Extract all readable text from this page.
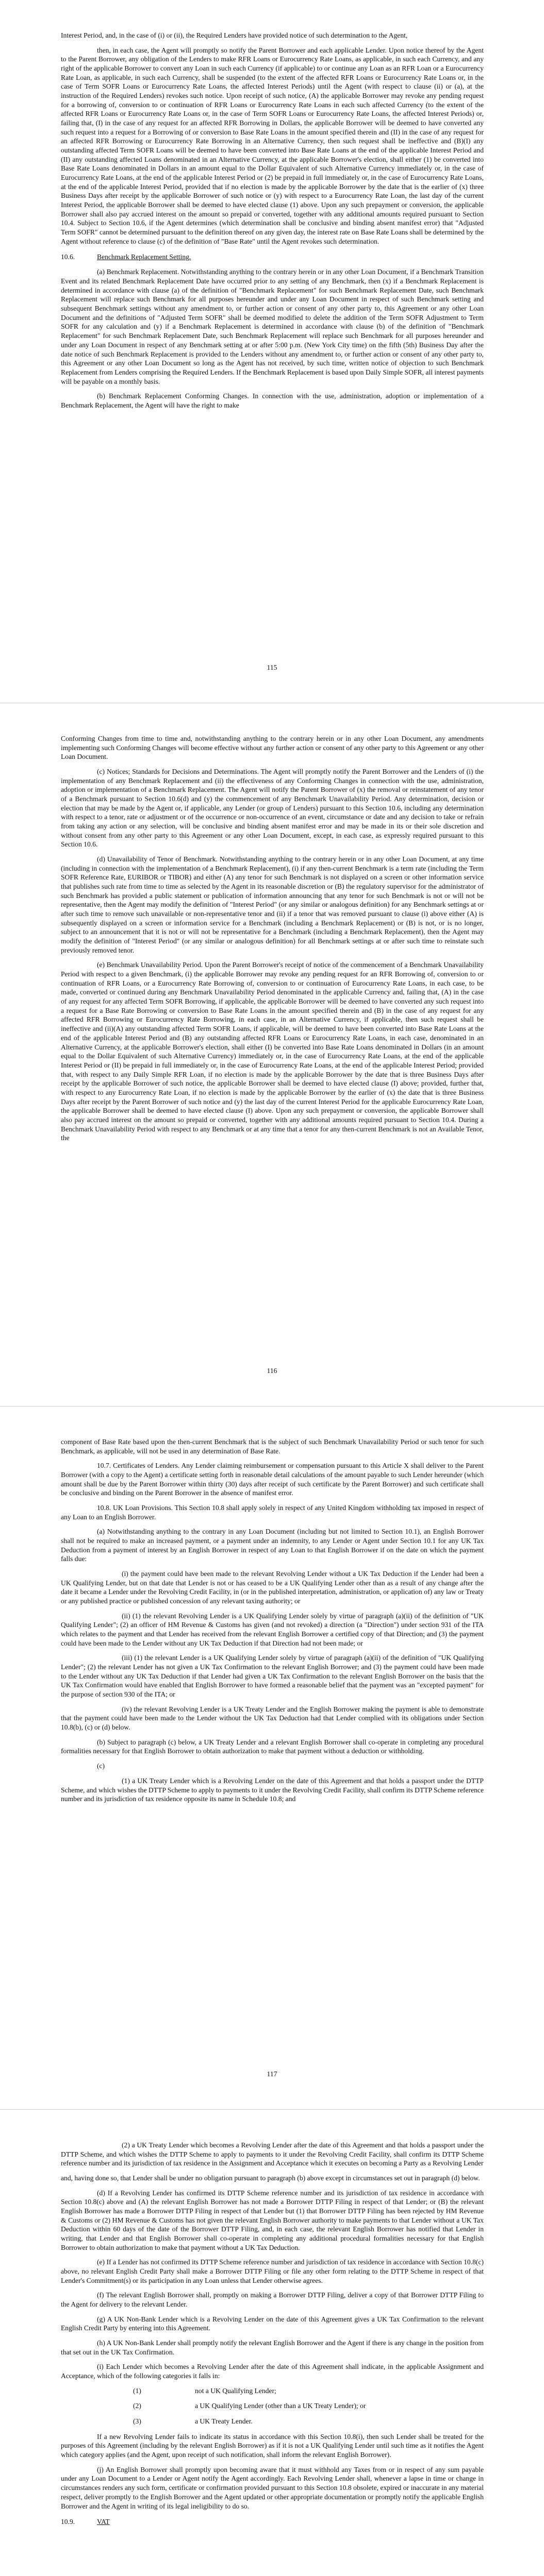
Interest Period, and, in the case of (i) or (ii), the Required Lenders have provided notice of such determination to the Agent,

then, in each case, the Agent will promptly so notify the Parent Borrower and each applicable Lender. Upon notice thereof by the Agent to the Parent Borrower, any obligation of the Lenders to make RFR Loans or Eurocurrency Rate Loans, as applicable, in such each Currency, and any right of the applicable Borrower to convert any Loan in such each Currency (if applicable) to or continue any Loan as an RFR Loan or a Eurocurrency Rate Loan, as applicable, in such each Currency, shall be suspended (to the extent of the affected RFR Loans or Eurocurrency Rate Loans or, in the case of Term SOFR Loans or Eurocurrency Rate Loans, the affected Interest Periods) until the Agent (with respect to clause (ii) or (a), at the instruction of the Required Lenders) revokes such notice. Upon receipt of such notice, (A) the applicable Borrower may revoke any pending request for a borrowing of, conversion to or continuation of RFR Loans or Eurocurrency Rate Loans in each such affected Currency (to the extent of the affected RFR Loans or Eurocurrency Rate Loans or, in the case of Term SOFR Loans or Eurocurrency Rate Loans, the affected Interest Periods) or, failing that, (I) in the case of any request for an affected RFR Borrowing in Dollars, the applicable Borrower will be deemed to have converted any such request into a request for a Borrowing of or conversion to Base Rate Loans in the amount specified therein and (II) in the case of any request for an affected RFR Borrowing or Eurocurrency Rate Borrowing in an Alternative Currency, then such request shall be ineffective and (B)(I) any outstanding affected Term SOFR Loans will be deemed to have been converted into Base Rate Loans at the end of the applicable Interest Period and (II) any outstanding affected Loans denominated in an Alternative Currency, at the applicable Borrower's election, shall either (1) be converted into Base Rate Loans denominated in Dollars in an amount equal to the Dollar Equivalent of such Alternative Currency immediately or, in the case of Eurocurrency Rate Loans, at the end of the applicable Interest Period or (2) be prepaid in full immediately or, in the case of Eurocurrency Rate Loans, at the end of the applicable Interest Period, provided that if no election is made by the applicable Borrower by the date that is the earlier of (x) three Business Days after receipt by the applicable Borrower of such notice or (y) with respect to a Eurocurrency Rate Loan, the last day of the current Interest Period, the applicable Borrower shall be deemed to have elected clause (1) above. Upon any such prepayment or conversion, the applicable Borrower shall also pay accrued interest on the amount so prepaid or converted, together with any additional amounts required pursuant to Section 10.4. Subject to Section 10.6, if the Agent determines (which determination shall be conclusive and binding absent manifest error) that "Adjusted Term SOFR" cannot be determined pursuant to the definition thereof on any given day, the interest rate on Base Rate Loans shall be determined by the Agent without reference to clause (c) of the definition of "Base Rate" until the Agent revokes such determination.

10.6.	Benchmark Replacement Setting.

(a) Benchmark Replacement. Notwithstanding anything to the contrary herein or in any other Loan Document, if a Benchmark Transition Event and its related Benchmark Replacement Date have occurred prior to any setting of any Benchmark, then (x) if a Benchmark Replacement is determined in accordance with clause (a) of the definition of "Benchmark Replacement" for such Benchmark Replacement Date, such Benchmark Replacement will replace such Benchmark for all purposes hereunder and under any Loan Document in respect of such Benchmark setting and subsequent Benchmark settings without any amendment to, or further action or consent of any other party to, this Agreement or any other Loan Document and the definitions of "Adjusted Term SOFR" shall be deemed modified to delete the addition of the Term SOFR Adjustment to Term SOFR for any calculation and (y) if a Benchmark Replacement is determined in accordance with clause (b) of the definition of "Benchmark Replacement" for such Benchmark Replacement Date, such Benchmark Replacement will replace such Benchmark for all purposes hereunder and under any Loan Document in respect of any Benchmark setting at or after 5:00 p.m. (New York City time) on the fifth (5th) Business Day after the date notice of such Benchmark Replacement is provided to the Lenders without any amendment to, or further action or consent of any other party to, this Agreement or any other Loan Document so long as the Agent has not received, by such time, written notice of objection to such Benchmark Replacement from Lenders comprising the Required Lenders. If the Benchmark Replacement is based upon Daily Simple SOFR, all interest payments will be payable on a monthly basis.

(b) Benchmark Replacement Conforming Changes. In connection with the use, administration, adoption or implementation of a Benchmark Replacement, the Agent will have the right to make

115

Conforming Changes from time to time and, notwithstanding anything to the contrary herein or in any other Loan Document, any amendments implementing such Conforming Changes will become effective without any further action or consent of any other party to this Agreement or any other Loan Document.

(c) Notices; Standards for Decisions and Determinations. The Agent will promptly notify the Parent Borrower and the Lenders of (i) the implementation of any Benchmark Replacement and (ii) the effectiveness of any Conforming Changes in connection with the use, administration, adoption or implementation of a Benchmark Replacement. The Agent will notify the Parent Borrower of (x) the removal or reinstatement of any tenor of a Benchmark pursuant to Section 10.6(d) and (y) the commencement of any Benchmark Unavailability Period. Any determination, decision or election that may be made by the Agent or, if applicable, any Lender (or group of Lenders) pursuant to this Section 10.6, including any determination with respect to a tenor, rate or adjustment or of the occurrence or non-occurrence of an event, circumstance or date and any decision to take or refrain from taking any action or any selection, will be conclusive and binding absent manifest error and may be made in its or their sole discretion and without consent from any other party to this Agreement or any other Loan Document, except, in each case, as expressly required pursuant to this Section 10.6.

(d) Unavailability of Tenor of Benchmark. Notwithstanding anything to the contrary herein or in any other Loan Document, at any time (including in connection with the implementation of a Benchmark Replacement), (i) if any then-current Benchmark is a term rate (including the Term SOFR Reference Rate, EURIBOR or TIBOR) and either (A) any tenor for such Benchmark is not displayed on a screen or other information service that publishes such rate from time to time as selected by the Agent in its reasonable discretion or (B) the regulatory supervisor for the administrator of such Benchmark has provided a public statement or publication of information announcing that any tenor for such Benchmark is not or will not be representative, then the Agent may modify the definition of "Interest Period" (or any similar or analogous definition) for any Benchmark settings at or after such time to remove such unavailable or non-representative tenor and (ii) if a tenor that was removed pursuant to clause (i) above either (A) is subsequently displayed on a screen or information service for a Benchmark (including a Benchmark Replacement) or (B) is not, or is no longer, subject to an announcement that it is not or will not be representative for a Benchmark (including a Benchmark Replacement), then the Agent may modify the definition of "Interest Period" (or any similar or analogous definition) for all Benchmark settings at or after such time to reinstate such previously removed tenor.

(e) Benchmark Unavailability Period. Upon the Parent Borrower's receipt of notice of the commencement of a Benchmark Unavailability Period with respect to a given Benchmark, (i) the applicable Borrower may revoke any pending request for an RFR Borrowing of, conversion to or continuation of RFR Loans, or a Eurocurrency Rate Borrowing of, conversion to or continuation of Eurocurrency Rate Loans, in each case, to be made, converted or continued during any Benchmark Unavailability Period denominated in the applicable Currency and, failing that, (A) in the case of any request for any affected Term SOFR Borrowing, if applicable, the applicable Borrower will be deemed to have converted any such request into a request for a Base Rate Borrowing or conversion to Base Rate Loans in the amount specified therein and (B) in the case of any request for any affected RFR Borrowing or Eurocurrency Rate Borrowing, in each case, in an Alternative Currency, if applicable, then such request shall be ineffective and (ii)(A) any outstanding affected Term SOFR Loans, if applicable, will be deemed to have been converted into Base Rate Loans at the end of the applicable Interest Period and (B) any outstanding affected RFR Loans or Eurocurrency Rate Loans, in each case, denominated in an Alternative Currency, at the applicable Borrower's election, shall either (I) be converted into Base Rate Loans denominated in Dollars (in an amount equal to the Dollar Equivalent of such Alternative Currency) immediately or, in the case of Eurocurrency Rate Loans, at the end of the applicable Interest Period or (II) be prepaid in full immediately or, in the case of Eurocurrency Rate Loans, at the end of the applicable Interest Period; provided that, with respect to any Daily Simple RFR Loan, if no election is made by the applicable Borrower by the date that is three Business Days after receipt by the applicable Borrower of such notice, the applicable Borrower shall be deemed to have elected clause (I) above; provided, further that, with respect to any Eurocurrency Rate Loan, if no election is made by the applicable Borrower by the earlier of (x) the date that is three Business Days after receipt by the Parent Borrower of such notice and (y) the last day of the current Interest Period for the applicable Eurocurrency Rate Loan, the applicable Borrower shall be deemed to have elected clause (I) above. Upon any such prepayment or conversion, the applicable Borrower shall also pay accrued interest on the amount so prepaid or converted, together with any additional amounts required pursuant to Section 10.4. During a Benchmark Unavailability Period with respect to any Benchmark or at any time that a tenor for any then-current Benchmark is not an Available Tenor, the

116

component of Base Rate based upon the then-current Benchmark that is the subject of such Benchmark Unavailability Period or such tenor for such Benchmark, as applicable, will not be used in any determination of Base Rate.

10.7. Certificates of Lenders. Any Lender claiming reimbursement or compensation pursuant to this Article X shall deliver to the Parent Borrower (with a copy to the Agent) a certificate setting forth in reasonable detail calculations of the amount payable to such Lender hereunder (which amount shall be due by the Parent Borrower within thirty (30) days after receipt of such certificate by the Parent Borrower) and such certificate shall be conclusive and binding on the Parent Borrower in the absence of manifest error.

10.8. UK Loan Provisions. This Section 10.8 shall apply solely in respect of any United Kingdom withholding tax imposed in respect of any Loan to an English Borrower.

(a) Notwithstanding anything to the contrary in any Loan Document (including but not limited to Section 10.1), an English Borrower shall not be required to make an increased payment, or a payment under an indemnity, to any Lender or Agent under Section 10.1 for any UK Tax Deduction from a payment of interest by an English Borrower in respect of any Loan to that English Borrower if on the date on which the payment falls due:

(i) the payment could have been made to the relevant Revolving Lender without a UK Tax Deduction if the Lender had been a UK Qualifying Lender, but on that date that Lender is not or has ceased to be a UK Qualifying Lender other than as a result of any change after the date it became a Lender under the Revolving Credit Facility, in (or in the published interpretation, administration, or application of) any law or Treaty or any published practice or published concession of any relevant taxing authority; or

(ii) (1) the relevant Revolving Lender is a UK Qualifying Lender solely by virtue of paragraph (a)(ii) of the definition of "UK Qualifying Lender"; (2) an officer of HM Revenue & Customs has given (and not revoked) a direction (a "Direction") under section 931 of the ITA which relates to the payment and that Lender has received from the relevant English Borrower a certified copy of that Direction; and (3) the payment could have been made to the Lender without any UK Tax Deduction if that Direction had not been made; or

(iii) (1) the relevant Lender is a UK Qualifying Lender solely by virtue of paragraph (a)(ii) of the definition of "UK Qualifying Lender"; (2) the relevant Lender has not given a UK Tax Confirmation to the relevant English Borrower; and (3) the payment could have been made to the Lender without any UK Tax Deduction if that Lender had given a UK Tax Confirmation to the relevant English Borrower on the basis that the UK Tax Confirmation would have enabled that English Borrower to have formed a reasonable belief that the payment was an "excepted payment" for the purpose of section 930 of the ITA; or

(iv) the relevant Revolving Lender is a UK Treaty Lender and the English Borrower making the payment is able to demonstrate that the payment could have been made to the Lender without the UK Tax Deduction had that Lender complied with its obligations under Section 10.8(b), (c) or (d) below.

(b) Subject to paragraph (c) below, a UK Treaty Lender and a relevant English Borrower shall co-operate in completing any procedural formalities necessary for that English Borrower to obtain authorization to make that payment without a deduction or withholding.

(c)

(1) a UK Treaty Lender which is a Revolving Lender on the date of this Agreement and that holds a passport under the DTTP Scheme, and which wishes the DTTP Scheme to apply to payments to it under the Revolving Credit Facility, shall confirm its DTTP Scheme reference number and its jurisdiction of tax residence opposite its name in Schedule 10.8; and

117

(2) a UK Treaty Lender which becomes a Revolving Lender after the date of this Agreement and that holds a passport under the DTTP Scheme, and which wishes the DTTP Scheme to apply to payments to it under the Revolving Credit Facility, shall confirm its DTTP Scheme reference number and its jurisdiction of tax residence in the Assignment and Acceptance which it executes on becoming a Party as a Revolving Lender

and, having done so, that Lender shall be under no obligation pursuant to paragraph (b) above except in circumstances set out in paragraph (d) below.

(d) If a Revolving Lender has confirmed its DTTP Scheme reference number and its jurisdiction of tax residence in accordance with Section 10.8(c) above and (A) the relevant English Borrower has not made a Borrower DTTP Filing in respect of that Lender; or (B) the relevant English Borrower has made a Borrower DTTP Filing in respect of that Lender but (1) that Borrower DTTP Filing has been rejected by HM Revenue & Customs or (2) HM Revenue & Customs has not given the relevant English Borrower authority to make payments to that Lender without a UK Tax Deduction within 60 days of the date of the Borrower DTTP Filing, and, in each case, the relevant English Borrower has notified that Lender in writing, that Lender and that English Borrower shall co-operate in completing any additional procedural formalities necessary for that English Borrower to obtain authorization to make that payment without a UK Tax Deduction.

(e) If a Lender has not confirmed its DTTP Scheme reference number and jurisdiction of tax residence in accordance with Section 10.8(c) above, no relevant English Credit Party shall make a Borrower DTTP Filing or file any other form relating to the DTTP Scheme in respect of that Lender's Commitment(s) or its participation in any Loan unless that Lender otherwise agrees.

(f) The relevant English Borrower shall, promptly on making a Borrower DTTP Filing, deliver a copy of that Borrower DTTP Filing to the Agent for delivery to the relevant Lender.

(g) A UK Non-Bank Lender which is a Revolving Lender on the date of this Agreement gives a UK Tax Confirmation to the relevant English Credit Party by entering into this Agreement.

(h) A UK Non-Bank Lender shall promptly notify the relevant English Borrower and the Agent if there is any change in the position from that set out in the UK Tax Confirmation.

(i) Each Lender which becomes a Revolving Lender after the date of this Agreement shall indicate, in the applicable Assignment and Acceptance, which of the following categories it falls in:

(1)	not a UK Qualifying Lender;
(2)	a UK Qualifying Lender (other than a UK Treaty Lender); or
(3)	a UK Treaty Lender.

If a new Revolving Lender fails to indicate its status in accordance with this Section 10.8(i), then such Lender shall be treated for the purposes of this Agreement (including by the relevant English Borrower) as if it is not a UK Qualifying Lender until such time as it notifies the Agent which category applies (and the Agent, upon receipt of such notification, shall inform the relevant English Borrower).

(j) An English Borrower shall promptly upon becoming aware that it must withhold any Taxes from or in respect of any sum payable under any Loan Document to a Lender or Agent notify the Agent accordingly. Each Revolving Lender shall, whenever a lapse in time or change in circumstances renders any such form, certificate or confirmation provided pursuant to this Section 10.8 obsolete, expired or inaccurate in any material respect, deliver promptly to the English Borrower and the Agent updated or other appropriate documentation or promptly notify the applicable English Borrower and the Agent in writing of its legal ineligibility to do so.

10.9.	VAT
